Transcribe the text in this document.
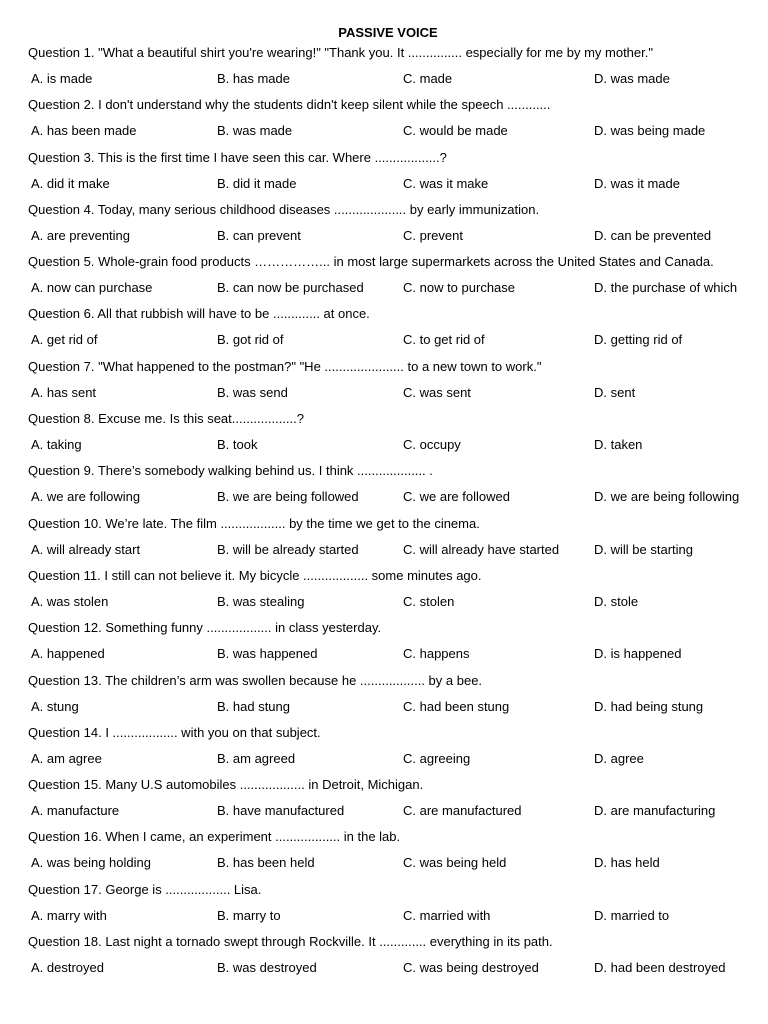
PASSIVE VOICE
Question 1. "What a beautiful shirt you're wearing!" "Thank you. It ............... especially for me by my mother."
A. is made	B. has made	C. made	D. was made
Question 2. I don't understand why the students didn't keep silent while the speech ............
A. has been made	B. was made	C. would be made	D. was being made
Question 3. This is the first time I have seen this car. Where ..................?
A. did it make	B. did it made	C. was it make	D. was it made
Question 4. Today, many serious childhood diseases .................... by early immunization.
A. are preventing	B. can prevent	C. prevent	D. can be prevented
Question 5. Whole-grain food products ……………... in most large supermarkets across the United States and Canada.
A. now can purchase	B. can now be purchased	C. now to purchase	D. the purchase of which
Question 6. All that rubbish will have to be ............. at once.
A. get rid of	B. got rid of	C. to get rid of	D. getting rid of
Question 7. "What happened to the postman?" "He ...................... to a new town to work."
A. has sent	B. was send	C. was sent	D. sent
Question 8. Excuse me. Is this seat..................?
A. taking	B. took	C. occupy	D. taken
Question 9. There’s somebody walking behind us. I think ................... .
A. we are following	B. we are being followed	C. we are followed	D. we are being following
Question 10. We’re late. The film .................. by the time we get to the cinema.
A. will already start	B. will be already started	C. will already have started	D. will be starting
Question 11. I still can not believe it. My bicycle .................. some minutes ago.
A. was stolen	B. was stealing	C. stolen	D. stole
Question 12. Something funny .................. in class yesterday.
A. happened	B. was happened	C. happens	D. is happened
Question 13. The children’s arm was swollen because he .................. by a bee.
A. stung	B. had stung	C. had been stung	D. had being stung
Question 14. I .................. with you on that subject.
A. am agree	B. am agreed	C. agreeing	D. agree
Question 15. Many U.S automobiles .................. in Detroit, Michigan.
A. manufacture	B. have manufactured	C. are manufactured	D. are manufacturing
Question 16. When I came, an experiment .................. in the lab.
A. was being holding	B. has been held	C. was being held	D. has held
Question 17. George is .................. Lisa.
A. marry with	B. marry to	C. married with	D. married to
Question 18. Last night a tornado swept through Rockville. It ............. everything in its path.
A. destroyed	B. was destroyed	C. was being destroyed	D. had been destroyed
